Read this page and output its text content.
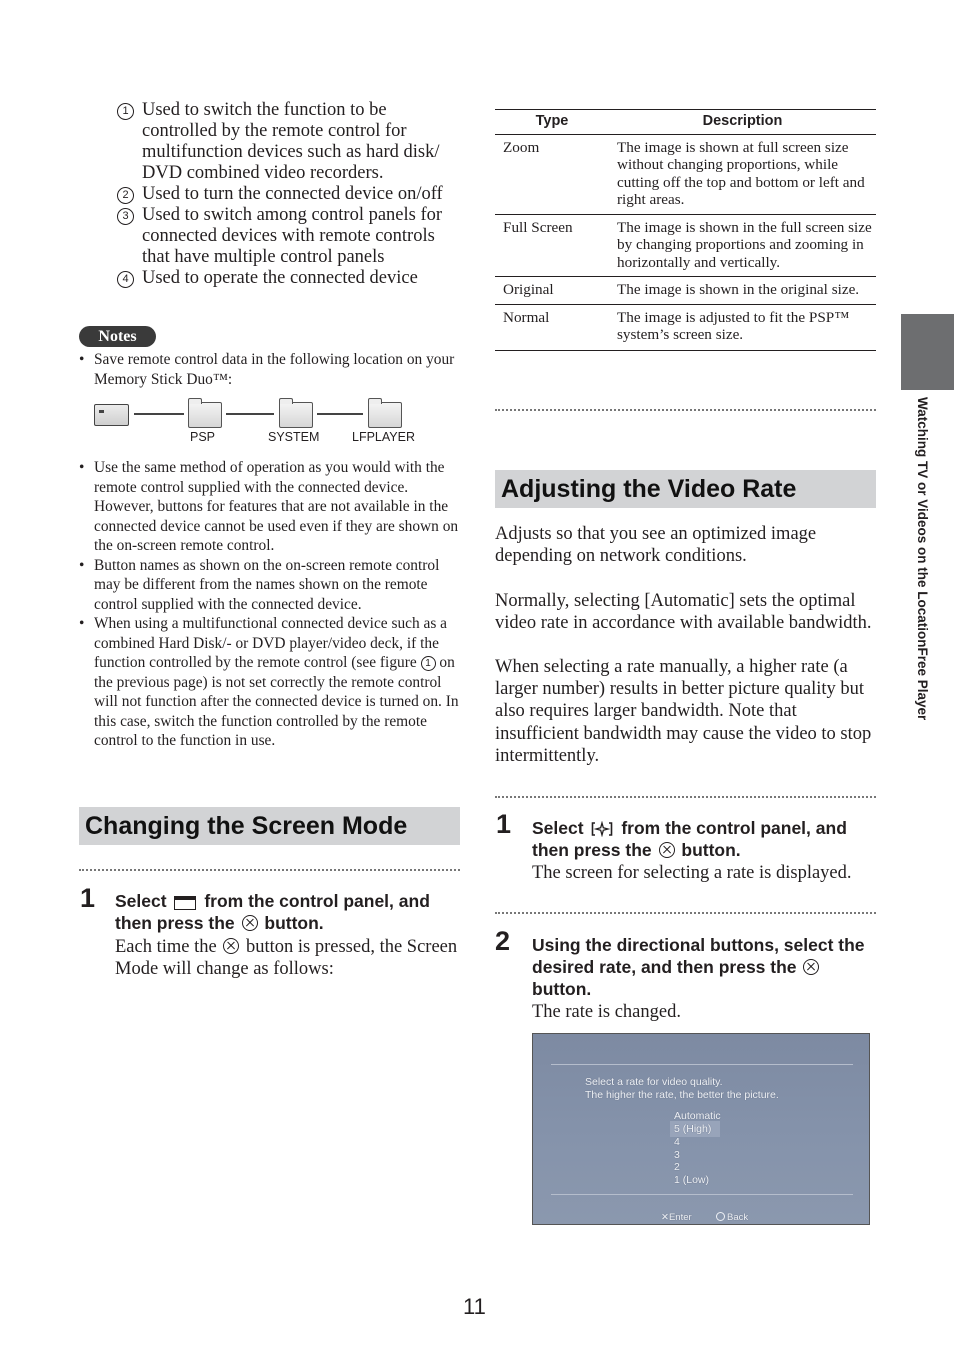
1 Used to switch the function to be controlled by the remote control for multifunction devices such as hard disk/ DVD combined video recorders.
2 Used to turn the connected device on/off
3 Used to switch among control panels for connected devices with remote controls that have multiple control panels
4 Used to operate the connected device
Notes
• Save remote control data in the following location on your Memory Stick Duo™:
PSP	SYSTEM	LFPLAYER
• Use the same method of operation as you would with the remote control supplied with the connected device. However, buttons for features that are not available in the connected device cannot be used even if they are shown on the on-screen remote control.
• Button names as shown on the on-screen remote control may be different from the names shown on the remote control supplied with the connected device.
• When using a multifunctional connected device such as a combined Hard Disk/- or DVD player/video deck, if the function controlled by the remote control (see figure 1 on the previous page) is not set correctly the remote control will not function after the connected device is turned on. In this case, switch the function controlled by the remote control to the function in use.
Changing the Screen Mode
1 Select from the control panel, and then press the button.
Each time the button is pressed, the Screen Mode will change as follows:
Type	Description
Zoom	The image is shown at full screen size without changing proportions, while cutting off the top and bottom or left and right areas.
Full Screen	The image is shown in the full screen size by changing proportions and zooming in horizontally and vertically.
Original	The image is shown in the original size.
Normal	The image is adjusted to fit the PSP™ system’s screen size.
Adjusting the Video Rate
Adjusts so that you see an optimized image depending on network conditions.
Normally, selecting [Automatic] sets the optimal video rate in accordance with available bandwidth.
When selecting a rate manually, a higher rate (a larger number) results in better picture quality but also requires larger bandwidth. Note that insufficient bandwidth may cause the video to stop intermittently.
1 Select from the control panel, and then press the button.
The screen for selecting a rate is displayed.
2 Using the directional buttons, select the desired rate, and then press the  button.
The rate is changed.
Select a rate for video quality.
The higher the rate, the better the picture.
Automatic
5 (High)
4
3
2
1 (Low)
✕Enter	Back
Watching TV or Videos on the LocationFree Player
11
